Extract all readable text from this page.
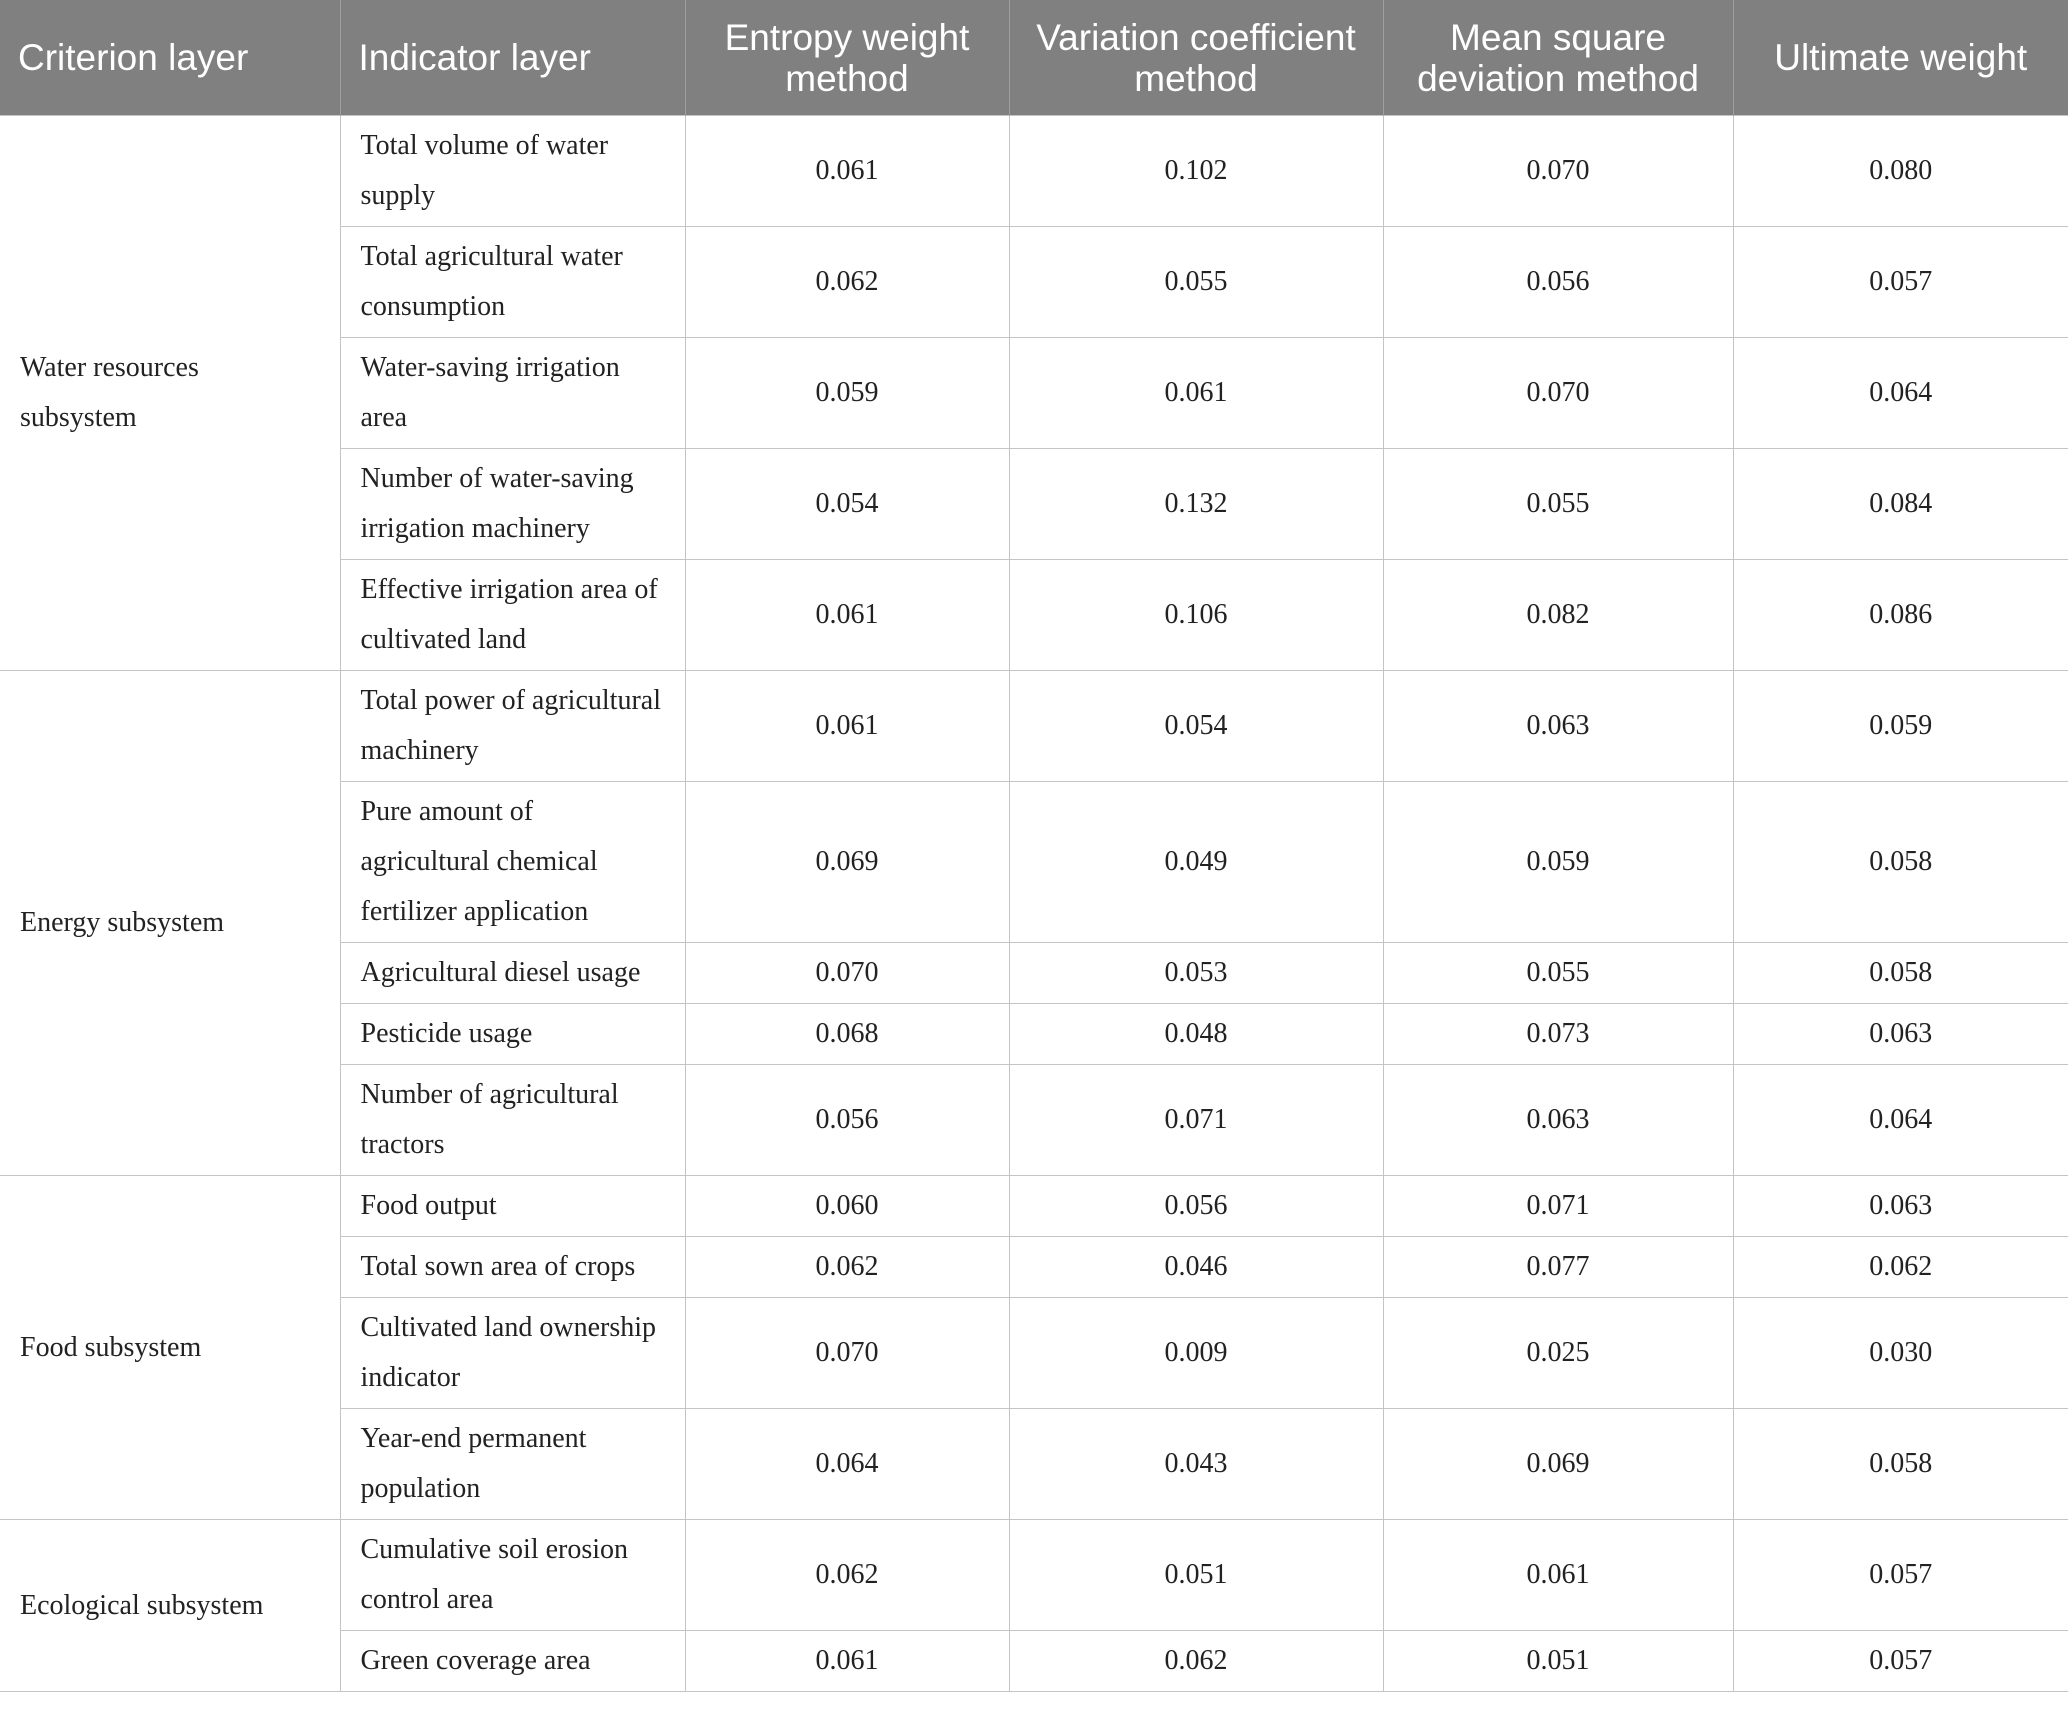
Criterion layer	Indicator layer	Entropy weight method	Variation coefficient method	Mean square deviation method	Ultimate weight
Water resources subsystem	Total volume of water supply	0.061	0.102	0.070	0.080
	Total agricultural water consumption	0.062	0.055	0.056	0.057
	Water-saving irrigation area	0.059	0.061	0.070	0.064
	Number of water-saving irrigation machinery	0.054	0.132	0.055	0.084
	Effective irrigation area of cultivated land	0.061	0.106	0.082	0.086
Energy subsystem	Total power of agricultural machinery	0.061	0.054	0.063	0.059
	Pure amount of agricultural chemical fertilizer application	0.069	0.049	0.059	0.058
	Agricultural diesel usage	0.070	0.053	0.055	0.058
	Pesticide usage	0.068	0.048	0.073	0.063
	Number of agricultural tractors	0.056	0.071	0.063	0.064
Food subsystem	Food output	0.060	0.056	0.071	0.063
	Total sown area of crops	0.062	0.046	0.077	0.062
	Cultivated land ownership indicator	0.070	0.009	0.025	0.030
	Year-end permanent population	0.064	0.043	0.069	0.058
Ecological subsystem	Cumulative soil erosion control area	0.062	0.051	0.061	0.057
	Green coverage area	0.061	0.062	0.051	0.057
